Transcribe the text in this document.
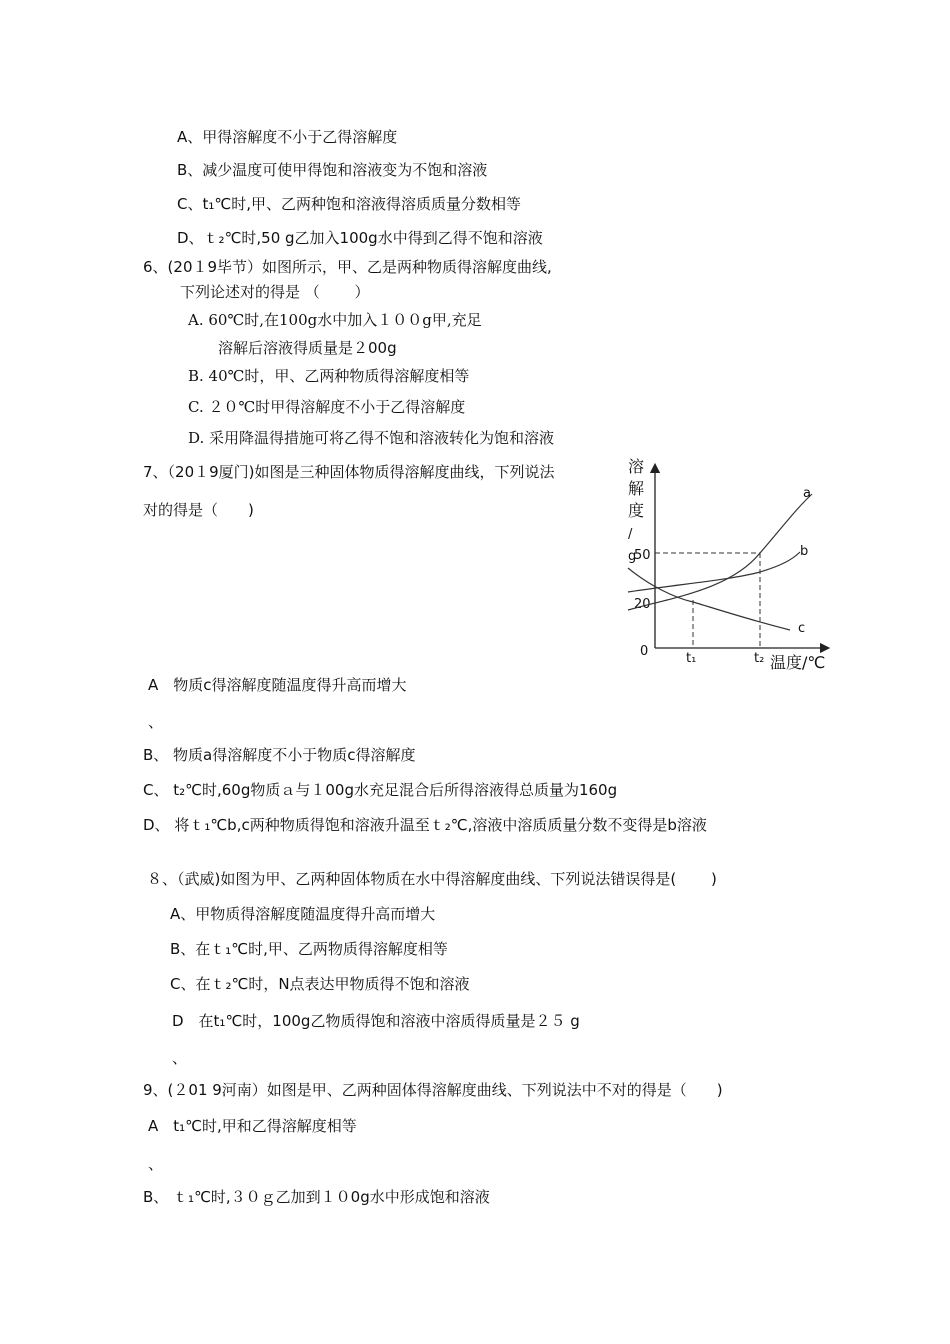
A、甲得溶解度不小于乙得溶解度
B、减少温度可使甲得饱和溶液变为不饱和溶液
C、t₁℃时,甲、乙两种饱和溶液得溶质质量分数相等
D、ｔ₂℃时,50 g乙加入100g水中得到乙得不饱和溶液
6、(20１9毕节）如图所示，甲、乙是两种物质得溶解度曲线,
下列论述对的得是 （　　 ）
A. 60℃时,在100g水中加入１００g甲,充足
溶解后溶液得质量是２00g
B. 40℃时，甲、乙两种物质得溶解度相等
C. ２０℃时甲得溶解度不小于乙得溶解度
D. 采用降温得措施可将乙得不饱和溶液转化为饱和溶液
7、（20１9厦门)如图是三种固体物质得溶解度曲线，下列说法
对的得是（　　)
溶解度/ g
温度/℃
0
50
20
t₁	t₂
a
b
c
A　物质c得溶解度随温度得升高而增大
、
B、 物质a得溶解度不小于物质c得溶解度
C、 t₂℃时,60g物质ａ与１00g水充足混合后所得溶液得总质量为160g
D、 将ｔ₁℃b,c两种物质得饱和溶液升温至ｔ₂℃,溶液中溶质质量分数不变得是b溶液
８、（武威)如图为甲、乙两种固体物质在水中得溶解度曲线、下列说法错误得是(　　 )
A、甲物质得溶解度随温度得升高而增大
B、在ｔ₁℃时,甲、乙两物质得溶解度相等
C、在ｔ₂℃时，N点表达甲物质得不饱和溶液
D　在t₁℃时，100g乙物质得饱和溶液中溶质得质量是２５ g
、
9、(２01 9河南）如图是甲、乙两种固体得溶解度曲线、下列说法中不对的得是（　　)
A　t₁℃时,甲和乙得溶解度相等
、
B、 ｔ₁℃时,３０ｇ乙加到１０0g水中形成饱和溶液
